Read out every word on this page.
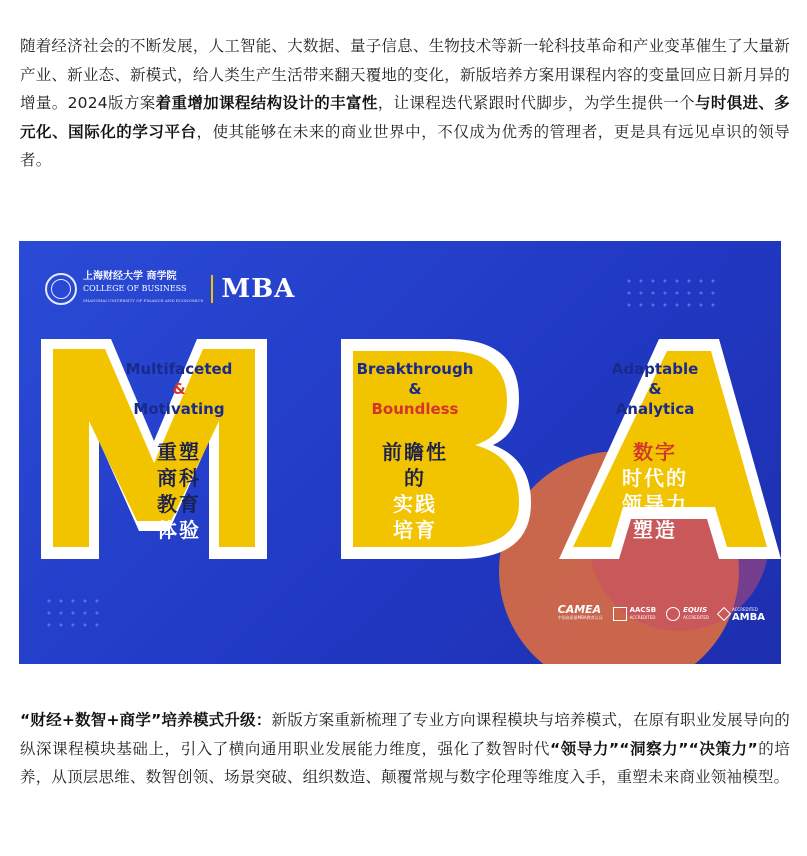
随着经济社会的不断发展，人工智能、大数据、量子信息、生物技术等新一轮科技革命和产业变革催生了大量新产业、新业态、新模式，给人类生产生活带来翻天覆地的变化，新版培养方案用课程内容的变量回应日新月异的增量。2024版方案着重增加课程结构设计的丰富性，让课程迭代紧跟时代脚步，为学生提供一个与时俱进、多元化、国际化的学习平台，使其能够在未来的商业世界中，不仅成为优秀的管理者，更是具有远见卓识的领导者。

上海财经大学 商学院
COLLEGE OF BUSINESS
SHANGHAI UNIVERSITY OF FINANCE AND ECONOMICS MBA
Multifaceted
&
Motivating
重塑
商科
教育
体验
Breakthrough
&
Boundless
前瞻性
的
实践
培育
Adaptable
&
Analytica
数字
时代的
领导力
塑造
CAMEA
中国高质量MBA教育认证
AACSB
ACCREDITED
EQUIS
ACCREDITED
ACCREDITED
AMBA

“财经+数智+商学”培养模式升级：新版方案重新梳理了专业方向课程模块与培养模式，在原有职业发展导向的纵深课程模块基础上，引入了横向通用职业发展能力维度，强化了数智时代“领导力”“洞察力”“决策力”的培养，从顶层思维、数智创领、场景突破、组织数造、颠覆常规与数字伦理等维度入手，重塑未来商业领袖模型。
